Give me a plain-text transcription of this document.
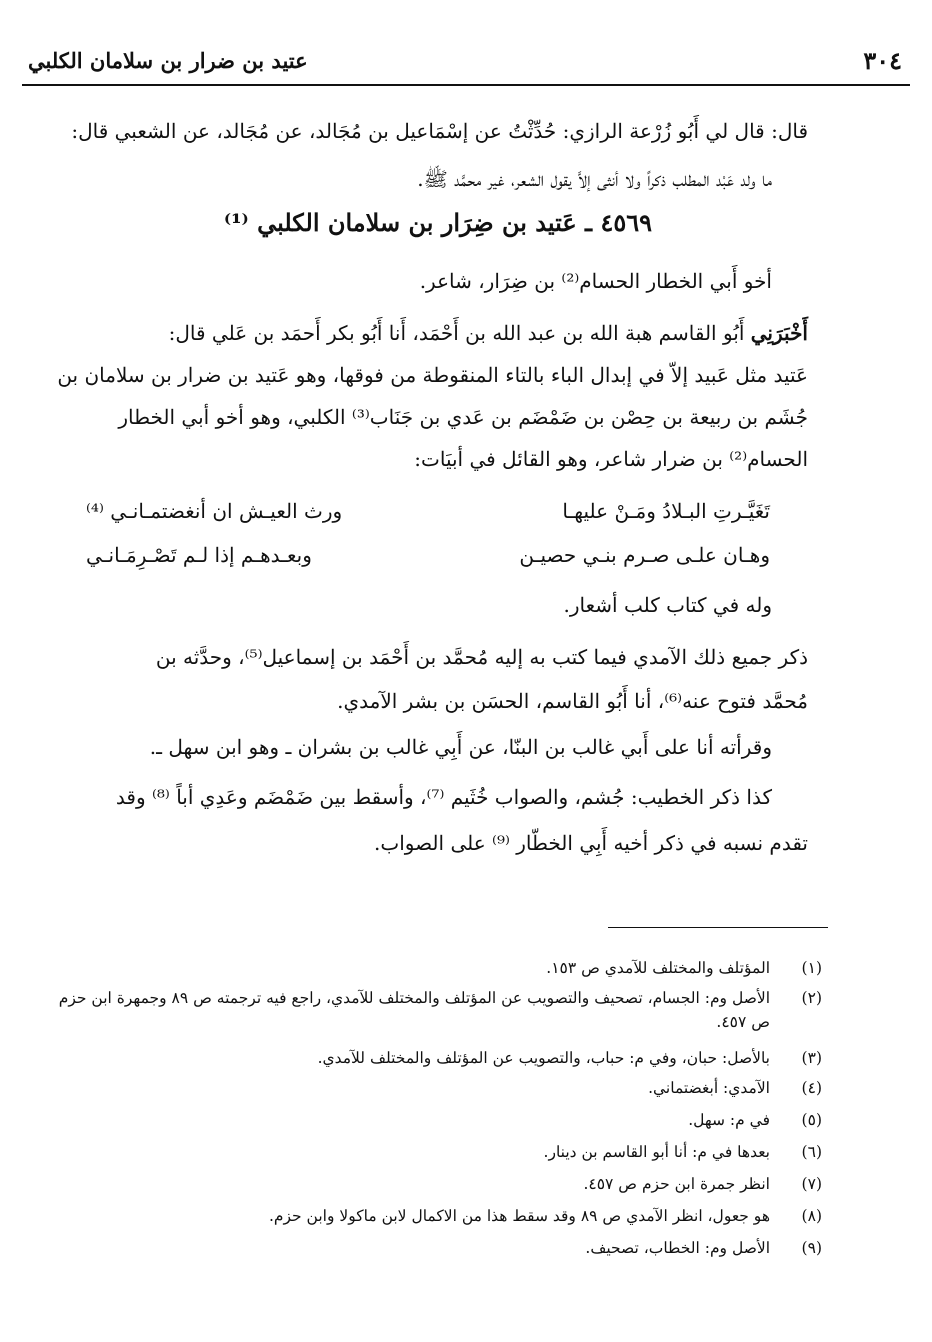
٣٠٤
عتيد بن ضرار بن سلامان الكلبي
قال: قال لي أَبُو زُرْعة الرازي: حُدِّثْتُ عن إسْمَاعيل بن مُجَالد، عن مُجَالد، عن الشعبي قال:
ما ولد عَبْد المطلب ذكراً ولا أنثى إلاَّ يقول الشعر، غير محمَّد ﷺ.
٤٥٦٩ ـ عَتيد بن ضِرَار بن سلامان الكلبي ⁽¹⁾
أخو أَبي الخطار الحسام⁽²⁾ بن ضِرَار، شاعر.
أَخْبَرَنِي أَبُو القاسم هبة الله بن عبد الله بن أَحْمَد، أَنا أَبُو بكر أَحمَد بن عَلي قال:
عَتيد مثل عَبيد إلاّ في إبدال الباء بالتاء المنقوطة من فوقها، وهو عَتيد بن ضرار بن سلامان بن
جُشَم بن ربيعة بن حِصْن بن ضَمْضَم بن عَدي بن جَنَاب⁽³⁾ الكلبي، وهو أخو أبي الخطار
الحسام⁽²⁾ بن ضرار شاعر، وهو القائل في أبيَات:
تَغَيَّـرتِ البـلادُ ومَـنْ عليهـا
ورث العيـش ان أنغضتمـانـي ⁽⁴⁾
وهـان علـى صـرم بنـي حصيـن
وبعـدهـم إذا لـم تَصْـرِمَـانـي
وله في كتاب كلب أشعار.
ذكر جميع ذلك الآمدي فيما كتب به إليه مُحمَّد بن أَحْمَد بن إسماعيل⁽⁵⁾، وحدَّثه بن
مُحمَّد فتوح عنه⁽⁶⁾، أنا أَبُو القاسم، الحسَن بن بشر الآمدي.
وقرأته أنا على أَبي غالب بن البنّا، عن أَبِي غالب بن بشران ـ وهو ابن سهل ـ.
كذا ذكر الخطيب: جُشم، والصواب خُثَيم ⁽⁷⁾، وأسقط بين ضَمْضَم وعَدِي أباً ⁽⁸⁾ وقد
تقدم نسبه في ذكر أخيه أَبِي الخطّار ⁽⁹⁾ على الصواب.
(١)
المؤتلف والمختلف للآمدي ص ١٥٣.
(٢)
الأصل وم: الجسام، تصحيف والتصويب عن المؤتلف والمختلف للآمدي، راجع فيه ترجمته ص ٨٩ وجمهرة ابن حزم ص ٤٥٧.
(٣)
بالأصل: حبان، وفي م: حباب، والتصويب عن المؤتلف والمختلف للآمدي.
(٤)
الآمدي: أبغضتماني.
(٥)
في م: سهل.
(٦)
بعدها في م: أنا أبو القاسم بن دينار.
(٧)
انظر جمرة ابن حزم ص ٤٥٧.
(٨)
هو جعول، انظر الآمدي ص ٨٩ وقد سقط هذا من الاكمال لابن ماكولا وابن حزم.
(٩)
الأصل وم: الخطاب، تصحيف.
